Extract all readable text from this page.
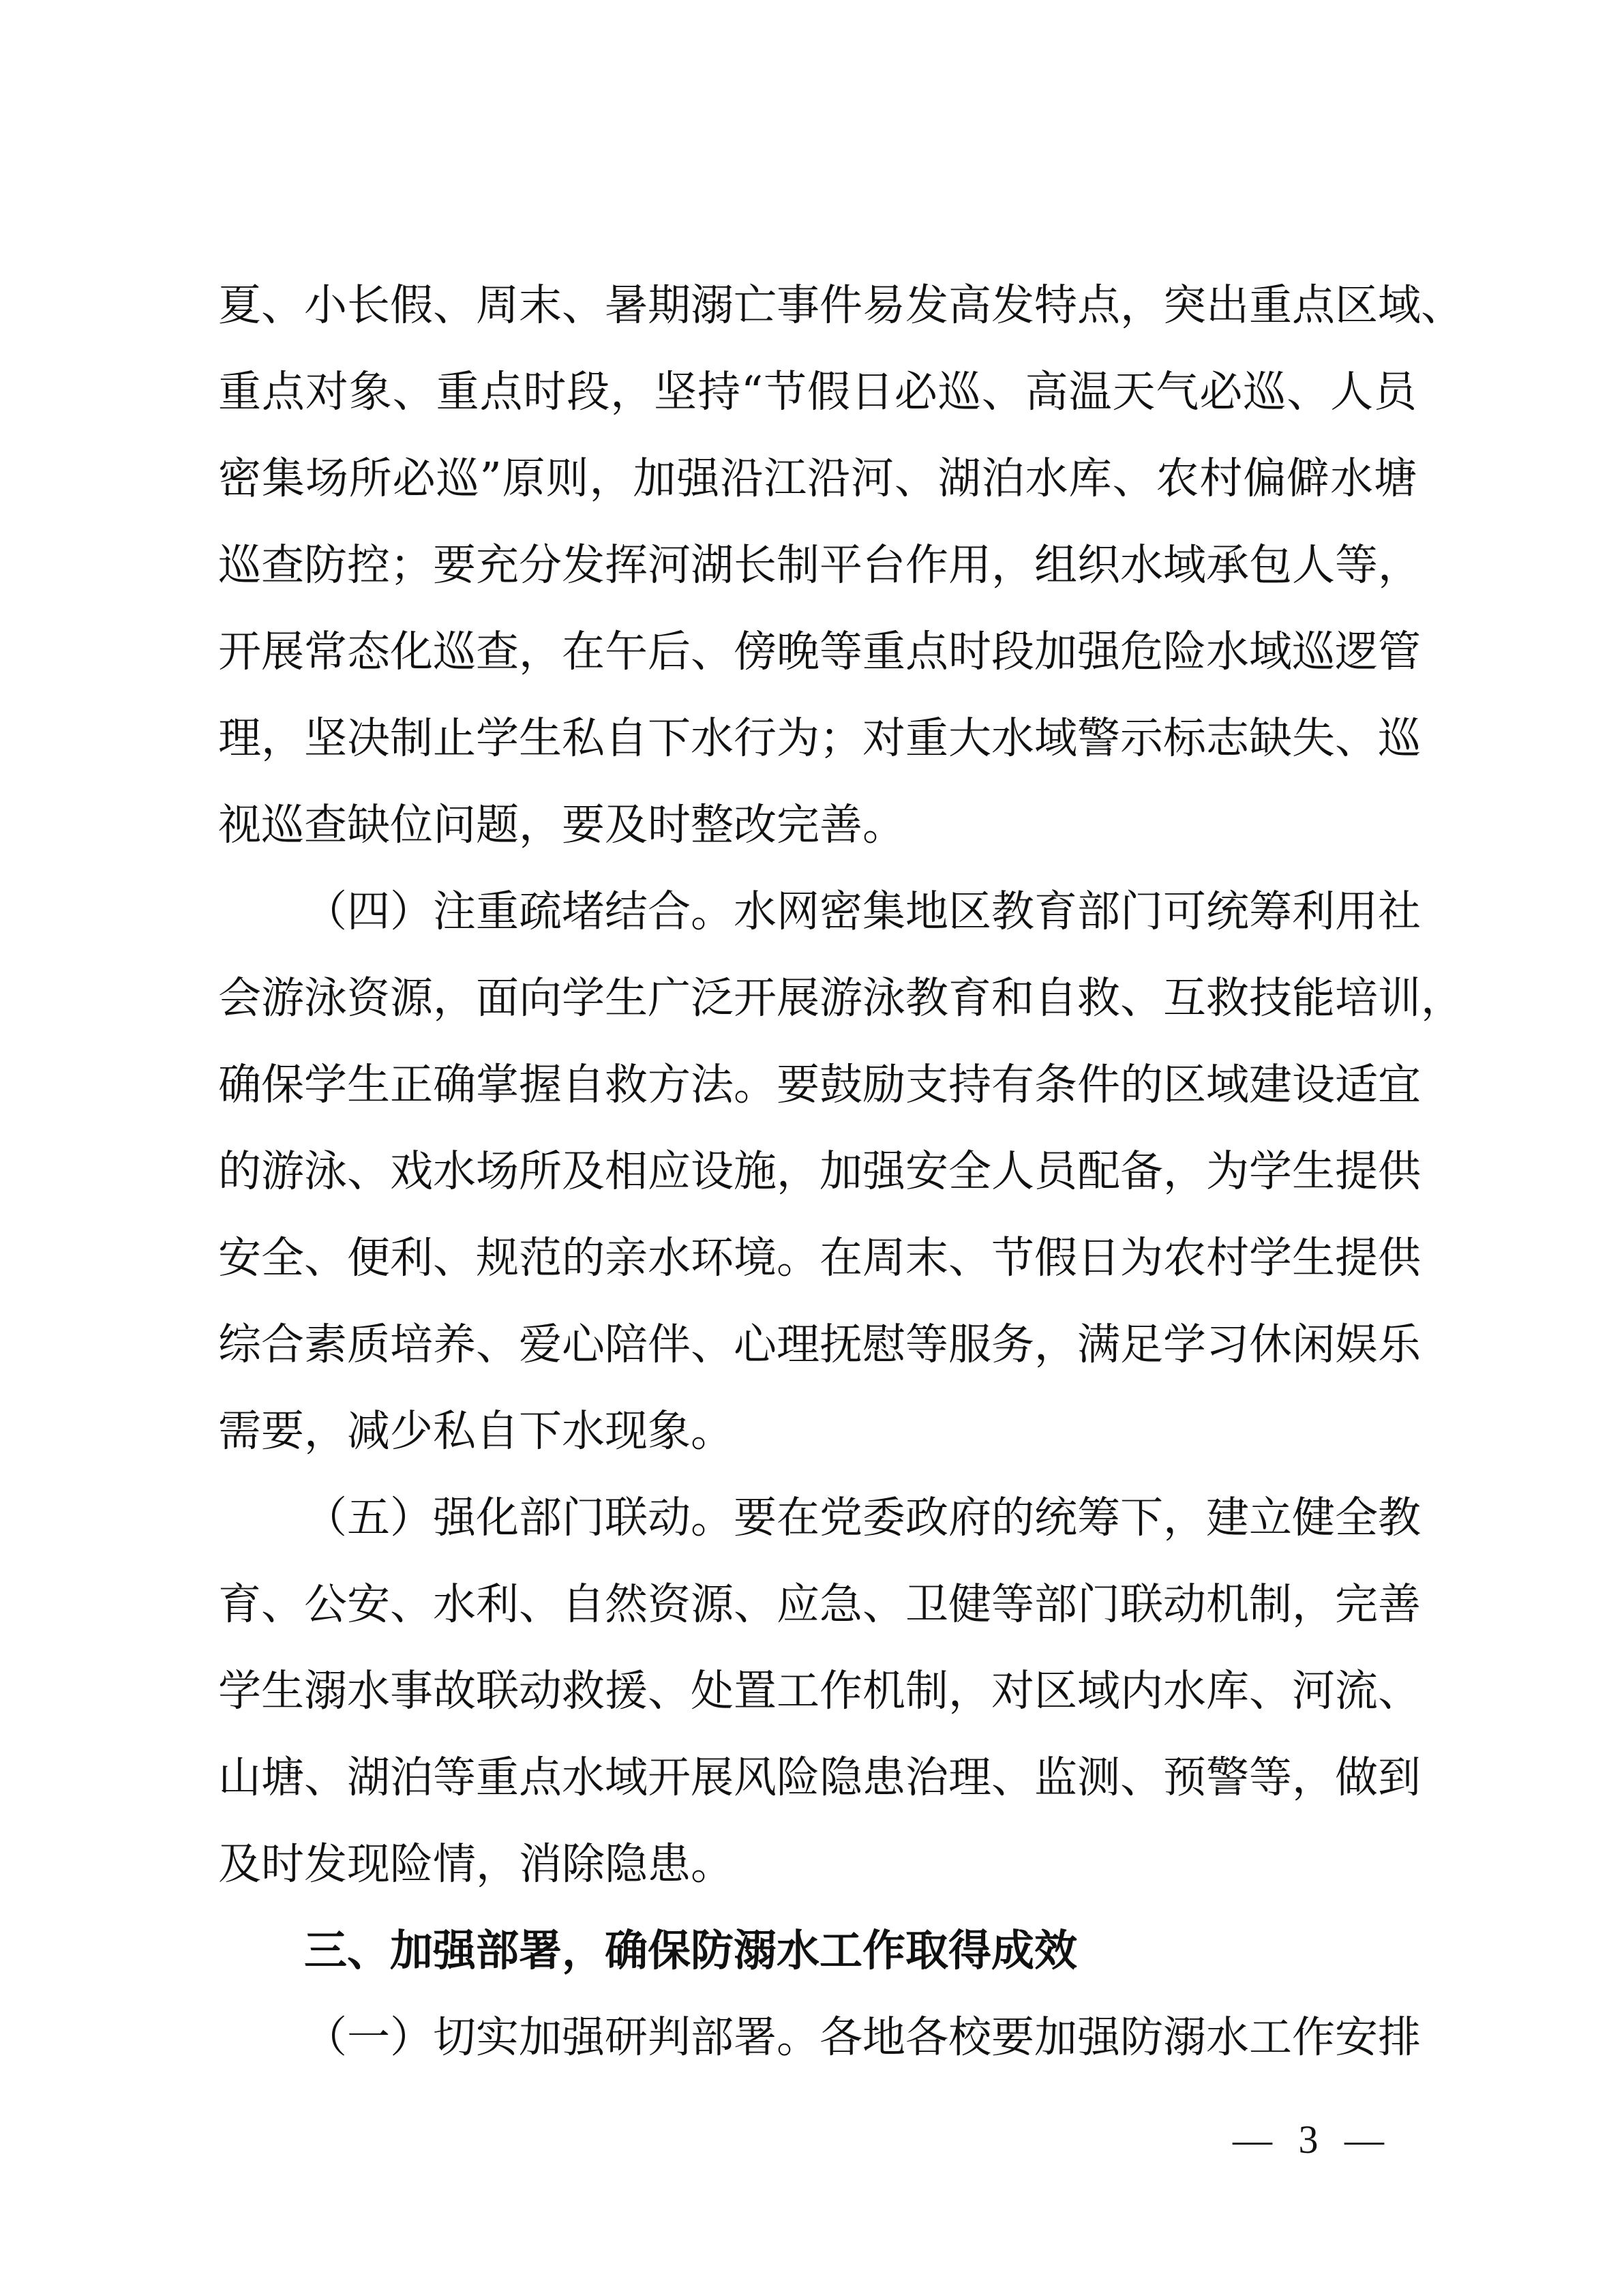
夏、小长假、周末、暑期溺亡事件易发高发特点，突出重点区域、
重点对象、重点时段，坚持“节假日必巡、高温天气必巡、人员
密集场所必巡”原则，加强沿江沿河、湖泊水库、农村偏僻水塘
巡查防控；要充分发挥河湖长制平台作用，组织水域承包人等，
开展常态化巡查，在午后、傍晚等重点时段加强危险水域巡逻管
理，坚决制止学生私自下水行为；对重大水域警示标志缺失、巡
视巡查缺位问题，要及时整改完善。
（四）注重疏堵结合。水网密集地区教育部门可统筹利用社
会游泳资源，面向学生广泛开展游泳教育和自救、互救技能培训，
确保学生正确掌握自救方法。要鼓励支持有条件的区域建设适宜
的游泳、戏水场所及相应设施，加强安全人员配备，为学生提供
安全、便利、规范的亲水环境。在周末、节假日为农村学生提供
综合素质培养、爱心陪伴、心理抚慰等服务，满足学习休闲娱乐
需要，减少私自下水现象。
（五）强化部门联动。要在党委政府的统筹下，建立健全教
育、公安、水利、自然资源、应急、卫健等部门联动机制，完善
学生溺水事故联动救援、处置工作机制，对区域内水库、河流、
山塘、湖泊等重点水域开展风险隐患治理、监测、预警等，做到
及时发现险情，消除隐患。
三、加强部署，确保防溺水工作取得成效
（一）切实加强研判部署。各地各校要加强防溺水工作安排
— 3 —
